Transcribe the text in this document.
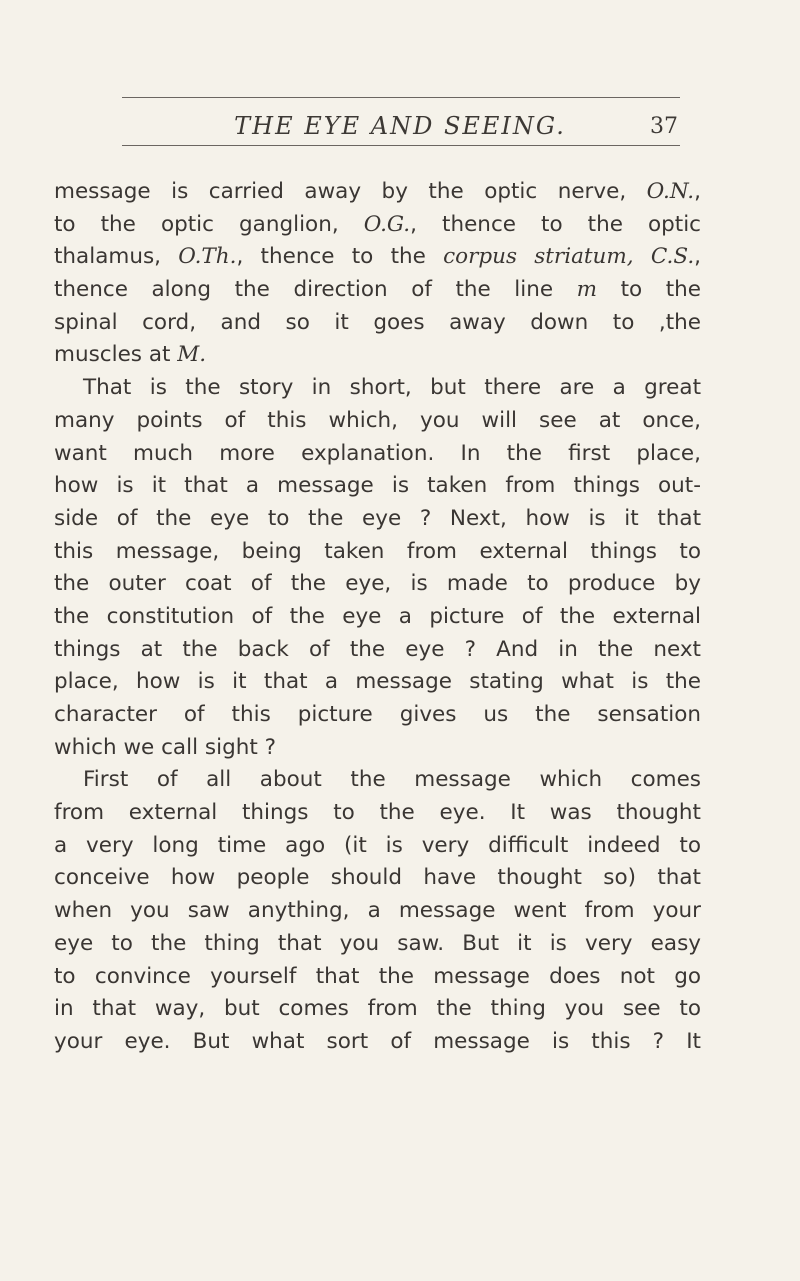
THE EYE AND SEEING.	37
message is carried away by the optic nerve, O.N.,
to the optic ganglion, O.G., thence to the optic
thalamus, O.Th., thence to the corpus striatum, C.S.,
thence along the direction of the line m to the
spinal cord, and so it goes away down to ,the
muscles at M.
That is the story in short, but there are a great
many points of this which, you will see at once,
want much more explanation. In the first place,
how is it that a message is taken from things out-
side of the eye to the eye ? Next, how is it that
this message, being taken from external things to
the outer coat of the eye, is made to produce by
the constitution of the eye a picture of the external
things at the back of the eye ? And in the next
place, how is it that a message stating what is the
character of this picture gives us the sensation
which we call sight ?
First of all about the message which comes
from external things to the eye. It was thought
a very long time ago (it is very difficult indeed to
conceive how people should have thought so) that
when you saw anything, a message went from your
eye to the thing that you saw. But it is very easy
to convince yourself that the message does not go
in that way, but comes from the thing you see to
your eye. But what sort of message is this ? It
